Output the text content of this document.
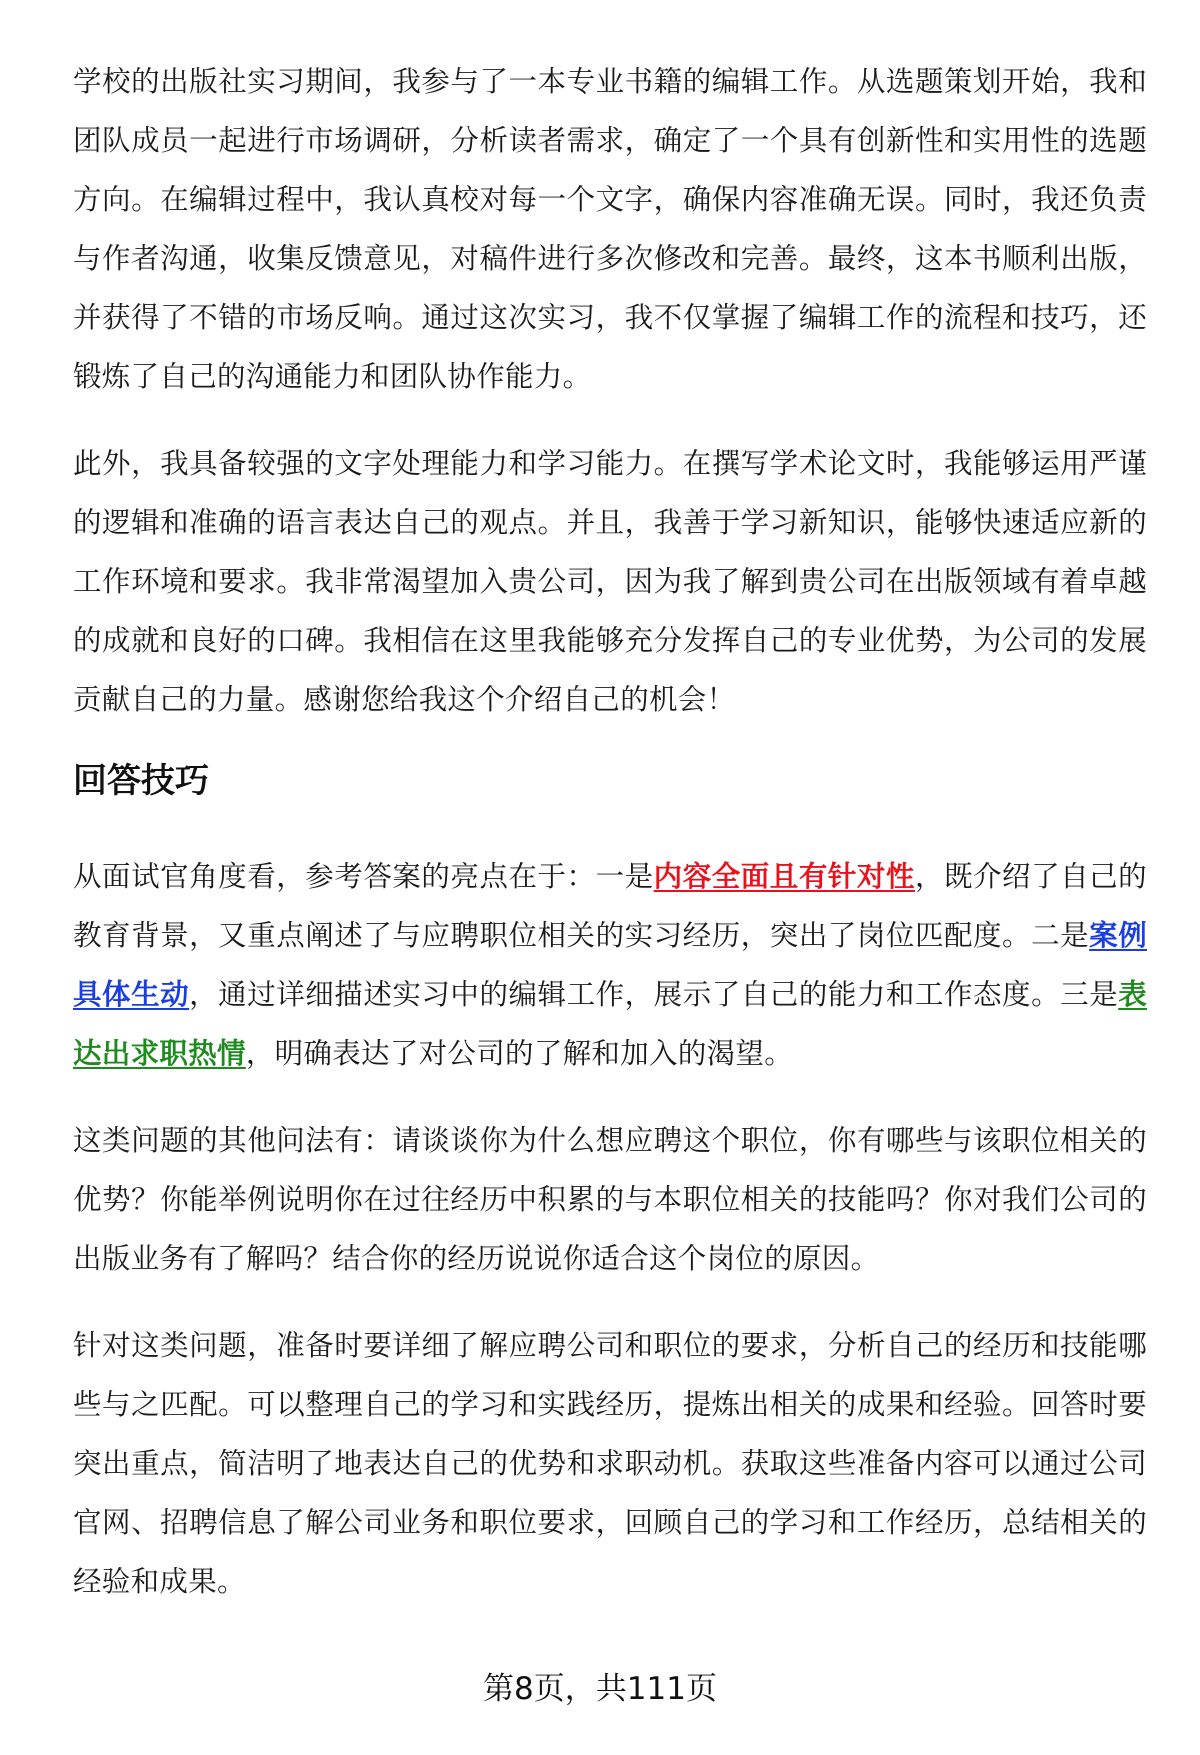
学校的出版社实习期间，我参与了一本专业书籍的编辑工作。从选题策划开始，我和团队成员一起进行市场调研，分析读者需求，确定了一个具有创新性和实用性的选题方向。在编辑过程中，我认真校对每一个文字，确保内容准确无误。同时，我还负责与作者沟通，收集反馈意见，对稿件进行多次修改和完善。最终，这本书顺利出版，并获得了不错的市场反响。通过这次实习，我不仅掌握了编辑工作的流程和技巧，还锻炼了自己的沟通能力和团队协作能力。

此外，我具备较强的文字处理能力和学习能力。在撰写学术论文时，我能够运用严谨的逻辑和准确的语言表达自己的观点。并且，我善于学习新知识，能够快速适应新的工作环境和要求。我非常渴望加入贵公司，因为我了解到贵公司在出版领域有着卓越的成就和良好的口碑。我相信在这里我能够充分发挥自己的专业优势，为公司的发展贡献自己的力量。感谢您给我这个介绍自己的机会！

回答技巧

从面试官角度看，参考答案的亮点在于：一是内容全面且有针对性，既介绍了自己的教育背景，又重点阐述了与应聘职位相关的实习经历，突出了岗位匹配度。二是案例具体生动，通过详细描述实习中的编辑工作，展示了自己的能力和工作态度。三是表达出求职热情，明确表达了对公司的了解和加入的渴望。

这类问题的其他问法有：请谈谈你为什么想应聘这个职位，你有哪些与该职位相关的优势？你能举例说明你在过往经历中积累的与本职位相关的技能吗？你对我们公司的出版业务有了解吗？结合你的经历说说你适合这个岗位的原因。

针对这类问题，准备时要详细了解应聘公司和职位的要求，分析自己的经历和技能哪些与之匹配。可以整理自己的学习和实践经历，提炼出相关的成果和经验。回答时要突出重点，简洁明了地表达自己的优势和求职动机。获取这些准备内容可以通过公司官网、招聘信息了解公司业务和职位要求，回顾自己的学习和工作经历，总结相关的经验和成果。

第8页，共111页
